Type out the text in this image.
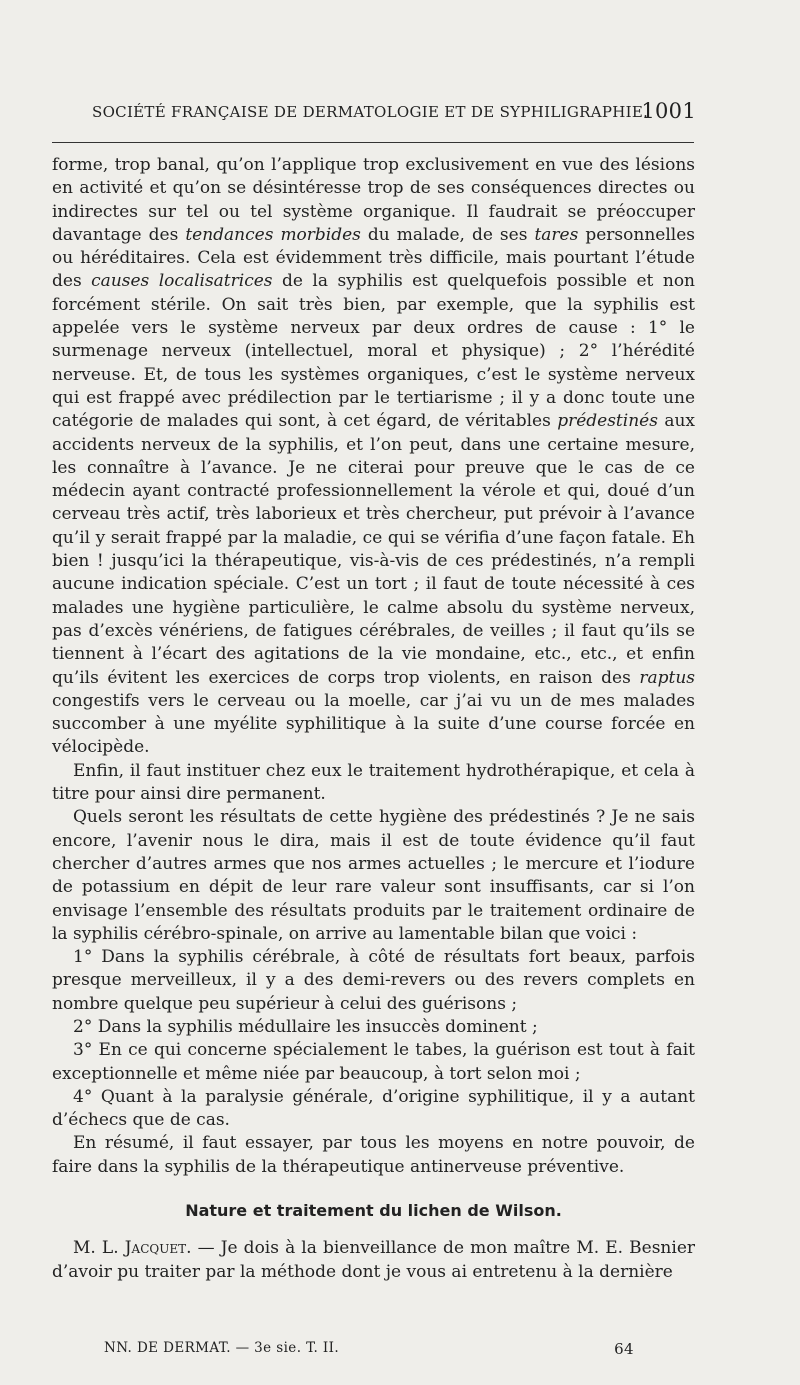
SOCIÉTÉ FRANÇAISE DE DERMATOLOGIE ET DE SYPHILIGRAPHIE.
1001

forme, trop banal, qu’on l’applique trop exclusivement en vue des lésions en activité et qu’on se désintéresse trop de ses conséquences directes ou indirectes sur tel ou tel système organique. Il faudrait se préoccuper davantage des tendances morbides du malade, de ses tares personnelles ou héréditaires. Cela est évidemment très difficile, mais pourtant l’étude des causes localisatrices de la syphilis est quelquefois possible et non forcément stérile. On sait très bien, par exemple, que la syphilis est appelée vers le système nerveux par deux ordres de cause : 1° le surmenage nerveux (intellectuel, moral et physique) ; 2° l’hérédité nerveuse. Et, de tous les systèmes organiques, c’est le système nerveux qui est frappé avec prédilection par le tertiarisme ; il y a donc toute une catégorie de malades qui sont, à cet égard, de véritables prédestinés aux accidents nerveux de la syphilis, et l’on peut, dans une certaine mesure, les connaître à l’avance. Je ne citerai pour preuve que le cas de ce médecin ayant contracté professionnellement la vérole et qui, doué d’un cerveau très actif, très laborieux et très chercheur, put prévoir à l’avance qu’il y serait frappé par la maladie, ce qui se vérifia d’une façon fatale. Eh bien ! jusqu’ici la thérapeutique, vis-à-vis de ces prédestinés, n’a rempli aucune indication spéciale. C’est un tort ; il faut de toute nécessité à ces malades une hygiène particulière, le calme absolu du système nerveux, pas d’excès vénériens, de fatigues cérébrales, de veilles ; il faut qu’ils se tiennent à l’écart des agitations de la vie mondaine, etc., etc., et enfin qu’ils évitent les exercices de corps trop violents, en raison des raptus congestifs vers le cerveau ou la moelle, car j’ai vu un de mes malades succomber à une myélite syphilitique à la suite d’une course forcée en vélocipède.

Enfin, il faut instituer chez eux le traitement hydrothérapique, et cela à titre pour ainsi dire permanent.

Quels seront les résultats de cette hygiène des prédestinés ? Je ne sais encore, l’avenir nous le dira, mais il est de toute évidence qu’il faut chercher d’autres armes que nos armes actuelles ; le mercure et l’iodure de potassium en dépit de leur rare valeur sont insuffisants, car si l’on envisage l’ensemble des résultats produits par le traitement ordinaire de la syphilis cérébro-spinale, on arrive au lamentable bilan que voici :

1° Dans la syphilis cérébrale, à côté de résultats fort beaux, parfois presque merveilleux, il y a des demi-revers ou des revers complets en nombre quelque peu supérieur à celui des guérisons ;

2° Dans la syphilis médullaire les insuccès dominent ;

3° En ce qui concerne spécialement le tabes, la guérison est tout à fait exceptionnelle et même niée par beaucoup, à tort selon moi ;

4° Quant à la paralysie générale, d’origine syphilitique, il y a autant d’échecs que de cas.

En résumé, il faut essayer, par tous les moyens en notre pouvoir, de faire dans la syphilis de la thérapeutique antinerveuse préventive.

Nature et traitement du lichen de Wilson.

M. L. Jacquet. — Je dois à la bienveillance de mon maître M. E. Besnier d’avoir pu traiter par la méthode dont je vous ai entretenu à la dernière

NN. DE DERMAT. — 3e sie. T. II.	64
